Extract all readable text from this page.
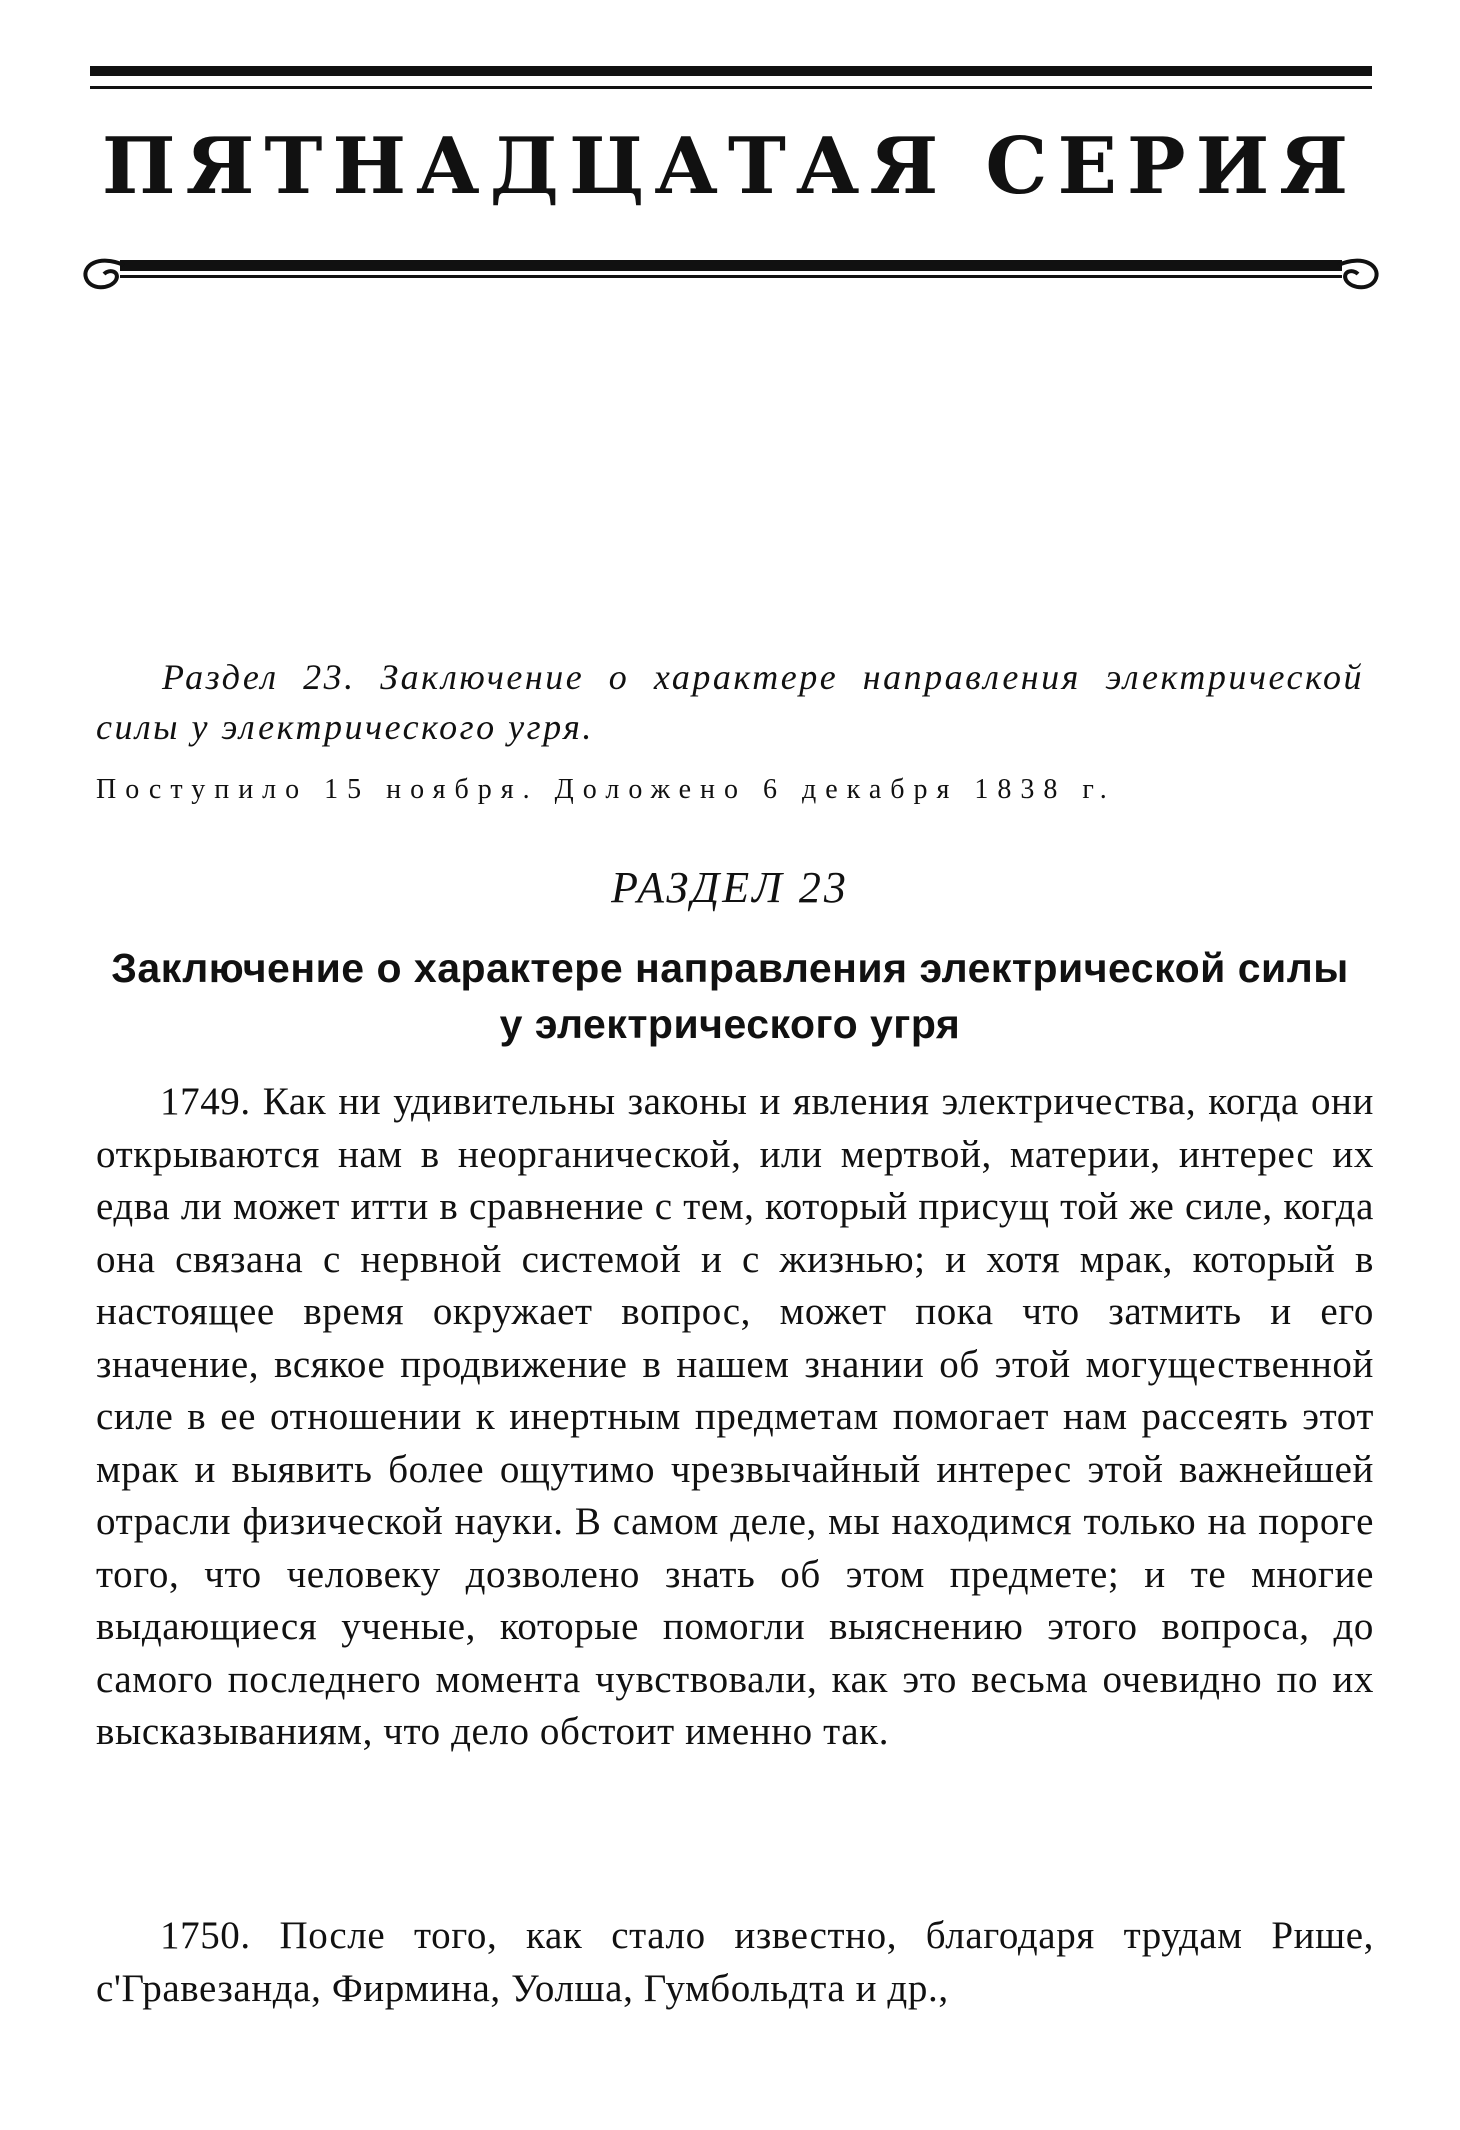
ПЯТНАДЦАТАЯ СЕРИЯ
Раздел 23. Заключение о характере направления электрической
силы у электрического угря.
Поступило 15 ноября. Доложено 6 декабря 1838 г.
РАЗДЕЛ 23
Заключение о характере направления электрической силы
у электрического угря

1749. Как ни удивительны законы и явления электричества, когда они открываются нам в неорганической, или мертвой, материи, интерес их едва ли может итти в сравнение с тем, который присущ той же силе, когда она связана с нервной системой и с жизнью; и хотя мрак, который в настоящее время окружает вопрос, может пока что затмить и его значение, всякое продвижение в нашем знании об этой могущественной силе в ее отношении к инертным предметам помогает нам рассеять этот мрак и выявить более ощутимо чрезвычайный интерес этой важнейшей отрасли физической науки. В самом деле, мы находимся только на пороге того, что человеку дозволено знать об этом предмете; и те многие выдающиеся ученые, которые помогли выяснению этого вопроса, до самого последнего момента чувствовали, как это весьма очевидно по их высказываниям, что дело обстоит именно так.

1750. После того, как стало известно, благодаря трудам Рише, с'Гравезанда, Фирмина, Уолша, Гумбольдта и др.,
